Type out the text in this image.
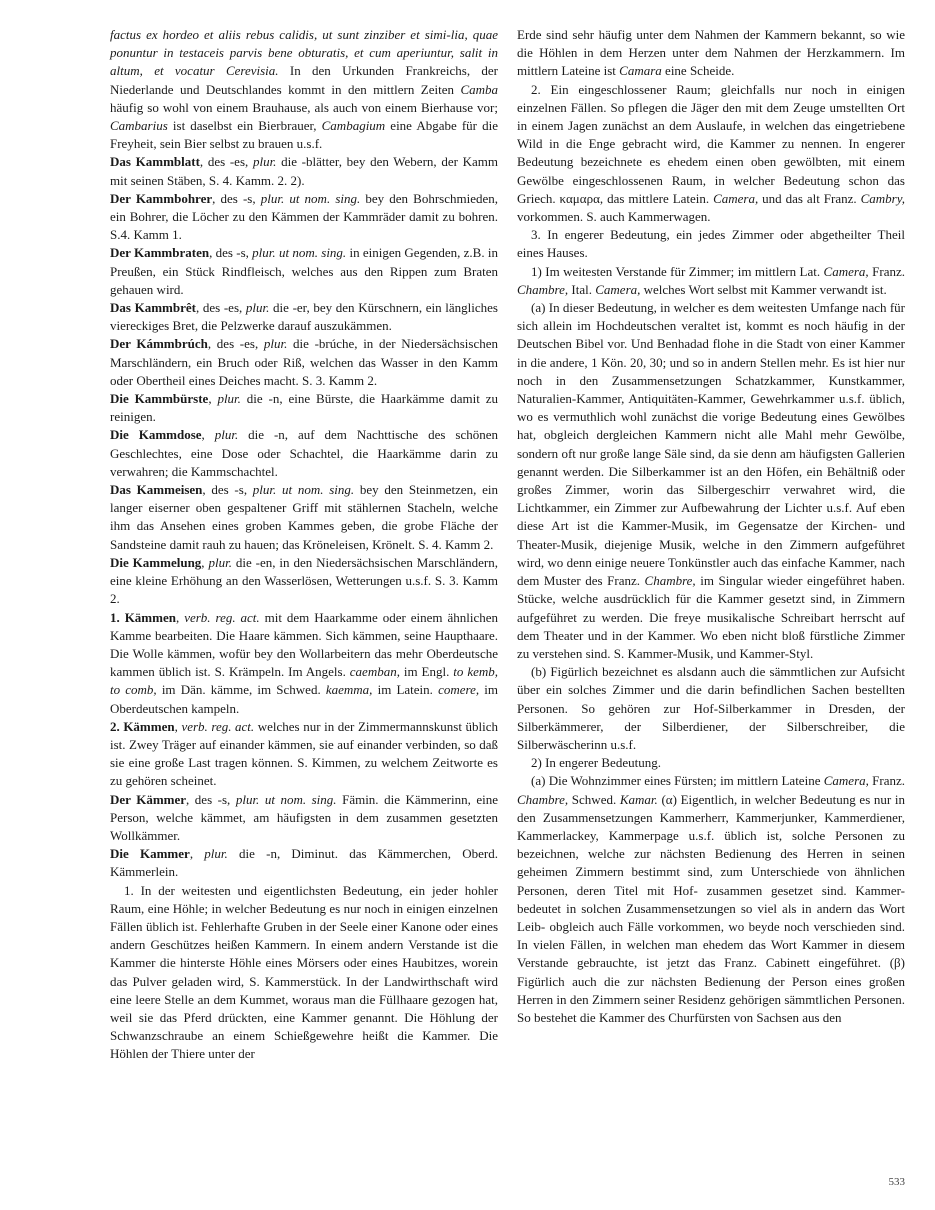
factus ex hordeo et aliis rebus calidis, ut sunt zinziber et simi-lia, quae ponuntur in testaceis parvis bene obturatis, et cum aperiuntur, salit in altum, et vocatur Cerevisia. In den Urkunden Frankreichs, der Niederlande und Deutschlandes kommt in den mittlern Zeiten Camba häufig so wohl von einem Brauhause, als auch von einem Bierhause vor; Cambarius ist daselbst ein Bierbrauer, Cambagium eine Abgabe für die Freyheit, sein Bier selbst zu brauen u.s.f.

Das Kammblatt, des -es, plur. die -blätter, bey den Webern, der Kamm mit seinen Stäben, S. 4. Kamm. 2. 2).

Der Kammbohrer, des -s, plur. ut nom. sing. bey den Bohrschmieden, ein Bohrer, die Löcher zu den Kämmen der Kammräder damit zu bohren. S.4. Kamm 1.

Der Kammbraten, des -s, plur. ut nom. sing. in einigen Gegenden, z.B. in Preußen, ein Stück Rindfleisch, welches aus den Rippen zum Braten gehauen wird.

Das Kammbrêt, des -es, plur. die -er, bey den Kürschnern, ein längliches viereckiges Bret, die Pelzwerke darauf auszukämmen.

Der Kámmbrúch, des -es, plur. die -brúche, in der Niedersächsischen Marschländern, ein Bruch oder Riß, welchen das Wasser in den Kamm oder Obertheil eines Deiches macht. S. 3. Kamm 2.

Die Kammbürste, plur. die -n, eine Bürste, die Haarkämme damit zu reinigen.

Die Kammdose, plur. die -n, auf dem Nachttische des schönen Geschlechtes, eine Dose oder Schachtel, die Haarkämme darin zu verwahren; die Kammschachtel.

Das Kammeisen, des -s, plur. ut nom. sing. bey den Steinmetzen, ein langer eiserner oben gespaltener Griff mit stählernen Stacheln, welche ihm das Ansehen eines groben Kammes geben, die grobe Fläche der Sandsteine damit rauh zu hauen; das Kröneleisen, Krönelt. S. 4. Kamm 2.

Die Kammelung, plur. die -en, in den Niedersächsischen Marschländern, eine kleine Erhöhung an den Wasserlösen, Wetterungen u.s.f. S. 3. Kamm 2.

1. Kämmen, verb. reg. act. mit dem Haarkamme oder einem ähnlichen Kamme bearbeiten. Die Haare kämmen. Sich kämmen, seine Haupthaare. Die Wolle kämmen, wofür bey den Wollarbeitern das mehr Oberdeutsche kammen üblich ist. S. Krämpeln. Im Angels. caemban, im Engl. to kemb, to comb, im Dän. kämme, im Schwed. kaemma, im Latein. comere, im Oberdeutschen kampeln.

2. Kämmen, verb. reg. act. welches nur in der Zimmermannskunst üblich ist. Zwey Träger auf einander kämmen, sie auf einander verbinden, so daß sie eine große Last tragen können. S. Kimmen, zu welchem Zeitworte es zu gehören scheinet.

Der Kämmer, des -s, plur. ut nom. sing. Fämin. die Kämmerinn, eine Person, welche kämmet, am häufigsten in dem zusammen gesetzten Wollkämmer.

Die Kammer, plur. die -n, Diminut. das Kämmerchen, Oberd. Kämmerlein.

1. In der weitesten und eigentlichsten Bedeutung, ein jeder hohler Raum, eine Höhle; in welcher Bedeutung es nur noch in einigen einzelnen Fällen üblich ist. Fehlerhafte Gruben in der Seele einer Kanone oder eines andern Geschützes heißen Kammern. In einem andern Verstande ist die Kammer die hinterste Höhle eines Mörsers oder eines Haubitzes, worein das Pulver geladen wird, S. Kammerstück. In der Landwirthschaft wird eine leere Stelle an dem Kummet, woraus man die Füllhaare gezogen hat, weil sie das Pferd drückten, eine Kammer genannt. Die Höhlung der Schwanzschraube an einem Schießgewehre heißt die Kammer. Die Höhlen der Thiere unter der

Erde sind sehr häufig unter dem Nahmen der Kammern bekannt, so wie die Höhlen in dem Herzen unter dem Nahmen der Herzkammern. Im mittlern Lateine ist Camara eine Scheide.

2. Ein eingeschlossener Raum; gleichfalls nur noch in einigen einzelnen Fällen. So pflegen die Jäger den mit dem Zeuge umstellten Ort in einem Jagen zunächst an dem Auslaufe, in welchen das eingetriebene Wild in die Enge gebracht wird, die Kammer zu nennen. In engerer Bedeutung bezeichnete es ehedem einen oben gewölbten, mit einem Gewölbe eingeschlossenen Raum, in welcher Bedeutung schon das Griech. καμαρα, das mittlere Latein. Camera, und das alt Franz. Cambry, vorkommen. S. auch Kammerwagen.

3. In engerer Bedeutung, ein jedes Zimmer oder abgetheilter Theil eines Hauses.

1) Im weitesten Verstande für Zimmer; im mittlern Lat. Camera, Franz. Chambre, Ital. Camera, welches Wort selbst mit Kammer verwandt ist.

(a) In dieser Bedeutung, in welcher es dem weitesten Umfange nach für sich allein im Hochdeutschen veraltet ist, kommt es noch häufig in der Deutschen Bibel vor. Und Benhadad flohe in die Stadt von einer Kammer in die andere, 1 Kön. 20, 30; und so in andern Stellen mehr. Es ist hier nur noch in den Zusammensetzungen Schatzkammer, Kunstkammer, Naturalien-Kammer, Antiquitäten-Kammer, Gewehrkammer u.s.f. üblich, wo es vermuthlich wohl zunächst die vorige Bedeutung eines Gewölbes hat, obgleich dergleichen Kammern nicht alle Mahl mehr Gewölbe, sondern oft nur große lange Säle sind, da sie denn am häufigsten Gallerien genannt werden. Die Silberkammer ist an den Höfen, ein Behältniß oder großes Zimmer, worin das Silbergeschirr verwahret wird, die Lichtkammer, ein Zimmer zur Aufbewahrung der Lichter u.s.f. Auf eben diese Art ist die Kammer-Musik, im Gegensatze der Kirchen- und Theater-Musik, diejenige Musik, welche in den Zimmern aufgeführet wird, wo denn einige neuere Tonkünstler auch das einfache Kammer, nach dem Muster des Franz. Chambre, im Singular wieder eingeführet haben. Stücke, welche ausdrücklich für die Kammer gesetzt sind, in Zimmern aufgeführet zu werden. Die freye musikalische Schreibart herrscht auf dem Theater und in der Kammer. Wo eben nicht bloß fürstliche Zimmer zu verstehen sind. S. Kammer-Musik, und Kammer-Styl.

(b) Figürlich bezeichnet es alsdann auch die sämmtlichen zur Aufsicht über ein solches Zimmer und die darin befindlichen Sachen bestellten Personen. So gehören zur Hof-Silberkammer in Dresden, der Silberkämmerer, der Silberdiener, der Silberschreiber, die Silberwäscherinn u.s.f.

2) In engerer Bedeutung.

(a) Die Wohnzimmer eines Fürsten; im mittlern Lateine Camera, Franz. Chambre, Schwed. Kamar. (α) Eigentlich, in welcher Bedeutung es nur in den Zusammensetzungen Kammerherr, Kammerjunker, Kammerdiener, Kammerlackey, Kammerpage u.s.f. üblich ist, solche Personen zu bezeichnen, welche zur nächsten Bedienung des Herren in seinen geheimen Zimmern bestimmt sind, zum Unterschiede von ähnlichen Personen, deren Titel mit Hof- zusammen gesetzet sind. Kammer- bedeutet in solchen Zusammensetzungen so viel als in andern das Wort Leib- obgleich auch Fälle vorkommen, wo beyde noch verschieden sind. In vielen Fällen, in welchen man ehedem das Wort Kammer in diesem Verstande gebrauchte, ist jetzt das Franz. Cabinett eingeführet. (β) Figürlich auch die zur nächsten Bedienung der Person eines großen Herren in den Zimmern seiner Residenz gehörigen sämmtlichen Personen. So bestehet die Kammer des Churfürsten von Sachsen aus den

533
